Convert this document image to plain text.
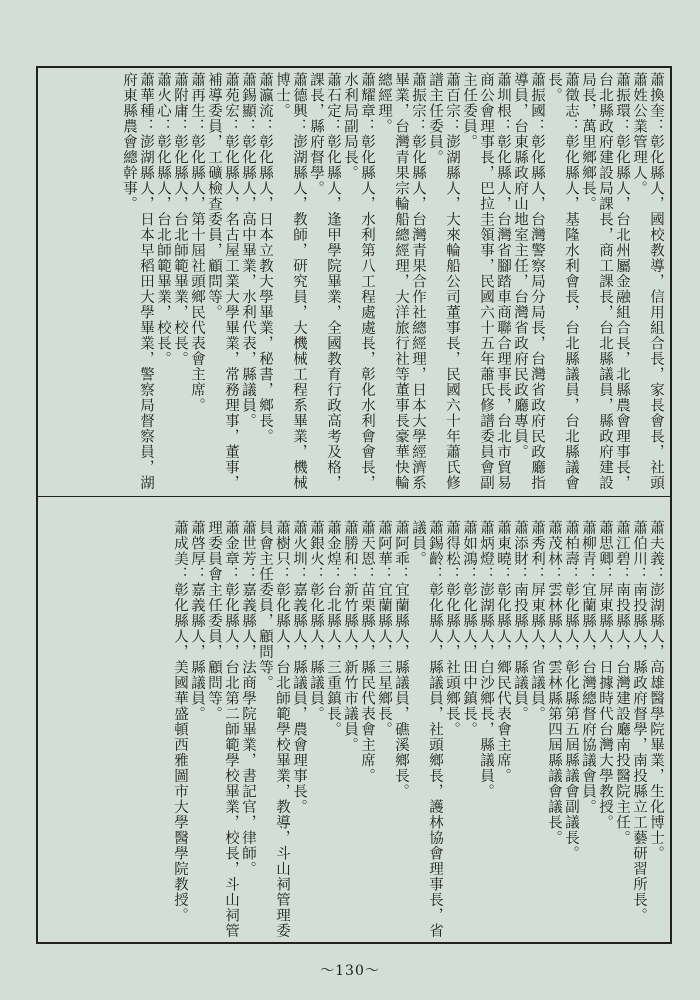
蕭換奎：彰化縣人，國校教導，信用組合長，家長會長，社頭蕭姓公業管理人。
蕭振環：彰化縣人，台北州屬金融組合長，北縣農會理事長，台北縣政府建設局課長，商工課長，台北縣議員，縣政府建設局長，萬里鄉鄉長。
蕭徵志：彰化縣人，基隆水利會長，台北縣議員，台北縣議會長。
蕭振國：彰化縣人，台灣警察局分局長，台灣省政府民政廳指導員，台東縣政府山地室主任，台灣省政府民政廳專員。
蕭圳根：彰化縣人，台灣省腳踏車商聯合理事長，台北市貿易商公會理事長，巴拉圭領事，民國六十五年蕭氏修譜委員會副主任委員。
蕭百宗：澎湖縣人，大來輪船公司董事長，民國六十年蕭氏修譜主任委員。
蕭振宗：彰化縣人，台灣青果合作社總經理，日本大學經濟系畢業，台灣青果宗輪船總經理，大洋旅行社等董事長豪華快輪總經理。
蕭耀章：彰化縣人，水利第八工程處處長，彰化水利會會長，水利局副局長。
蕭石定：彰化縣人，逢甲學院畢業，全國教育行政高考及格，課長，縣府督學。
蕭德興：澎湖縣人，教師，研究員，大機械工程系畢業，機械博士。
蕭瀛流：彰化縣人，日本立教大學畢業，秘書，鄉長。
蕭錫顯：彰化縣人，高中畢業，水利代表，縣議員。
蕭苑宏：彰化縣人，名古屋工業大學畢業，常務理事，董事，補導委員，工礦檢查委員，顧問等。
蕭再生：彰化縣人，第十屆社頭鄉民代表會主席。
蕭附庸：彰化縣人，台北師範畢業，校長。
蕭火心：彰化縣人，台北師範畢業，校長。
蕭華種：澎湖縣人，日本早稻田大學畢業，警察局督察員，湖府東縣農會總幹事。
蕭夫義：澎湖縣人，高雄醫學院畢業，生化博士。
蕭伯川：南投縣人，縣政府督學，南投縣立工藝研習所長。
蕭江碧：南投縣人，台灣建設廳南投醫院主任。
蕭思卿：屏東縣人，日據時代台灣大學教授。
蕭柳青：宜蘭縣人，台灣總督府協議會員。
蕭柏壽：彰化縣人，彰化縣第五屆縣議會副議長。
蕭茂林：雲林縣人，雲林縣第四屆縣議會議長。
蕭秀利：屏東縣人，省議員。
蕭添財：南投縣人，縣議員。
蕭東曉：彰化縣人，鄉民代表會主席。
蕭炳燈：澎湖縣人，白沙鄉長，縣議員。
蕭如鴻：彰化縣人，田中鎮長。
蕭得松：彰化縣人，社頭鄉長。
蕭錫齡：彰化縣人，縣議員，社頭鄉長，護林協會理事長，省議員。
蕭阿乖：宜蘭縣人，縣議員，礁溪鄉長。
蕭阿華：宜蘭縣人，三星鄉長。
蕭天恩：苗栗縣人，縣民代表會主席。
蕭勝和：新竹縣人，新竹市議員。
蕭金煌：台北縣人，三重鎮長。
蕭銀火：彰化縣人，縣議員。
蕭火圳：嘉義縣人，縣議員，農會理事長。
蕭樹只：彰化縣人，台北師範學校畢業，教導，斗山祠管理委員會主任委員，顧問等。
蕭世芳：嘉義縣人，法商學院畢業，書記官，律師。
蕭金章：彰化縣人，台北第二師範學校畢業，校長，斗山祠管理委員會主任委員，顧問等。
蕭啓厚：嘉義縣人，縣議員。
蕭成美：彰化縣人，美國華盛頓西雅圖市大學醫學院教授。
～130～
